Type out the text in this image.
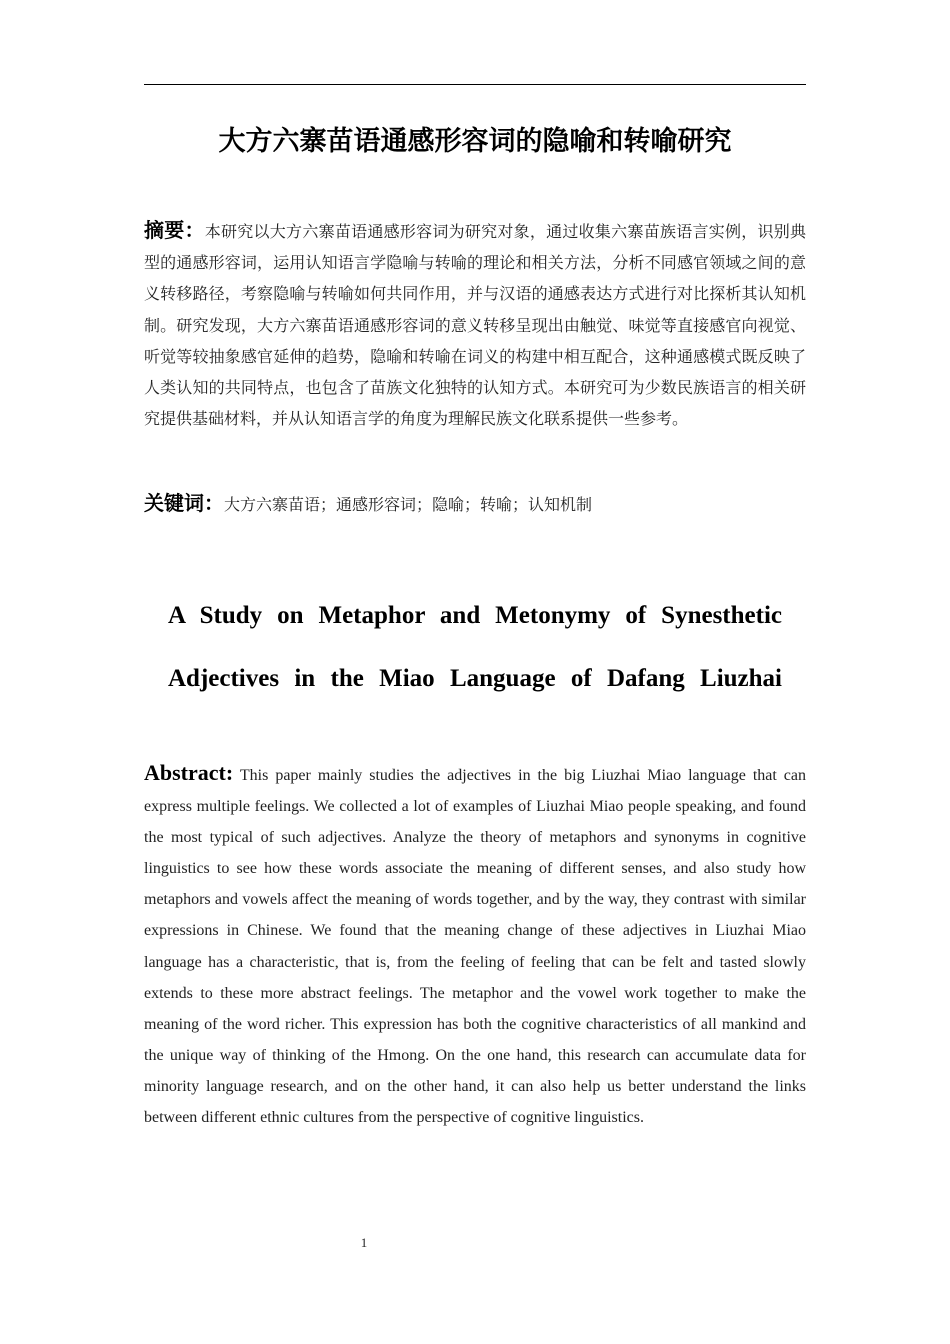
大方六寨苗语通感形容词的隐喻和转喻研究

摘要：本研究以大方六寨苗语通感形容词为研究对象，通过收集六寨苗族语言实例，识别典型的通感形容词，运用认知语言学隐喻与转喻的理论和相关方法，分析不同感官领域之间的意义转移路径，考察隐喻与转喻如何共同作用，并与汉语的通感表达方式进行对比探析其认知机制。研究发现，大方六寨苗语通感形容词的意义转移呈现出由触觉、味觉等直接感官向视觉、听觉等较抽象感官延伸的趋势，隐喻和转喻在词义的构建中相互配合，这种通感模式既反映了人类认知的共同特点，也包含了苗族文化独特的认知方式。本研究可为少数民族语言的相关研究提供基础材料，并从认知语言学的角度为理解民族文化联系提供一些参考。

关键词：大方六寨苗语；通感形容词；隐喻；转喻；认知机制

A Study on Metaphor and Metonymy of Synesthetic
Adjectives in the Miao Language of Dafang Liuzhai

Abstract: This paper mainly studies the adjectives in the big Liuzhai Miao language that can express multiple feelings. We collected a lot of examples of Liuzhai Miao people speaking, and found the most typical of such adjectives. Analyze the theory of metaphors and synonyms in cognitive linguistics to see how these words associate the meaning of different senses, and also study how metaphors and vowels affect the meaning of words together, and by the way, they contrast with similar expressions in Chinese. We found that the meaning change of these adjectives in Liuzhai Miao language has a characteristic, that is, from the feeling of feeling that can be felt and tasted slowly extends to these more abstract feelings. The metaphor and the vowel work together to make the meaning of the word richer. This expression has both the cognitive characteristics of all mankind and the unique way of thinking of the Hmong. On the one hand, this research can accumulate data for minority language research, and on the other hand, it can also help us better understand the links between different ethnic cultures from the perspective of cognitive linguistics.

1
